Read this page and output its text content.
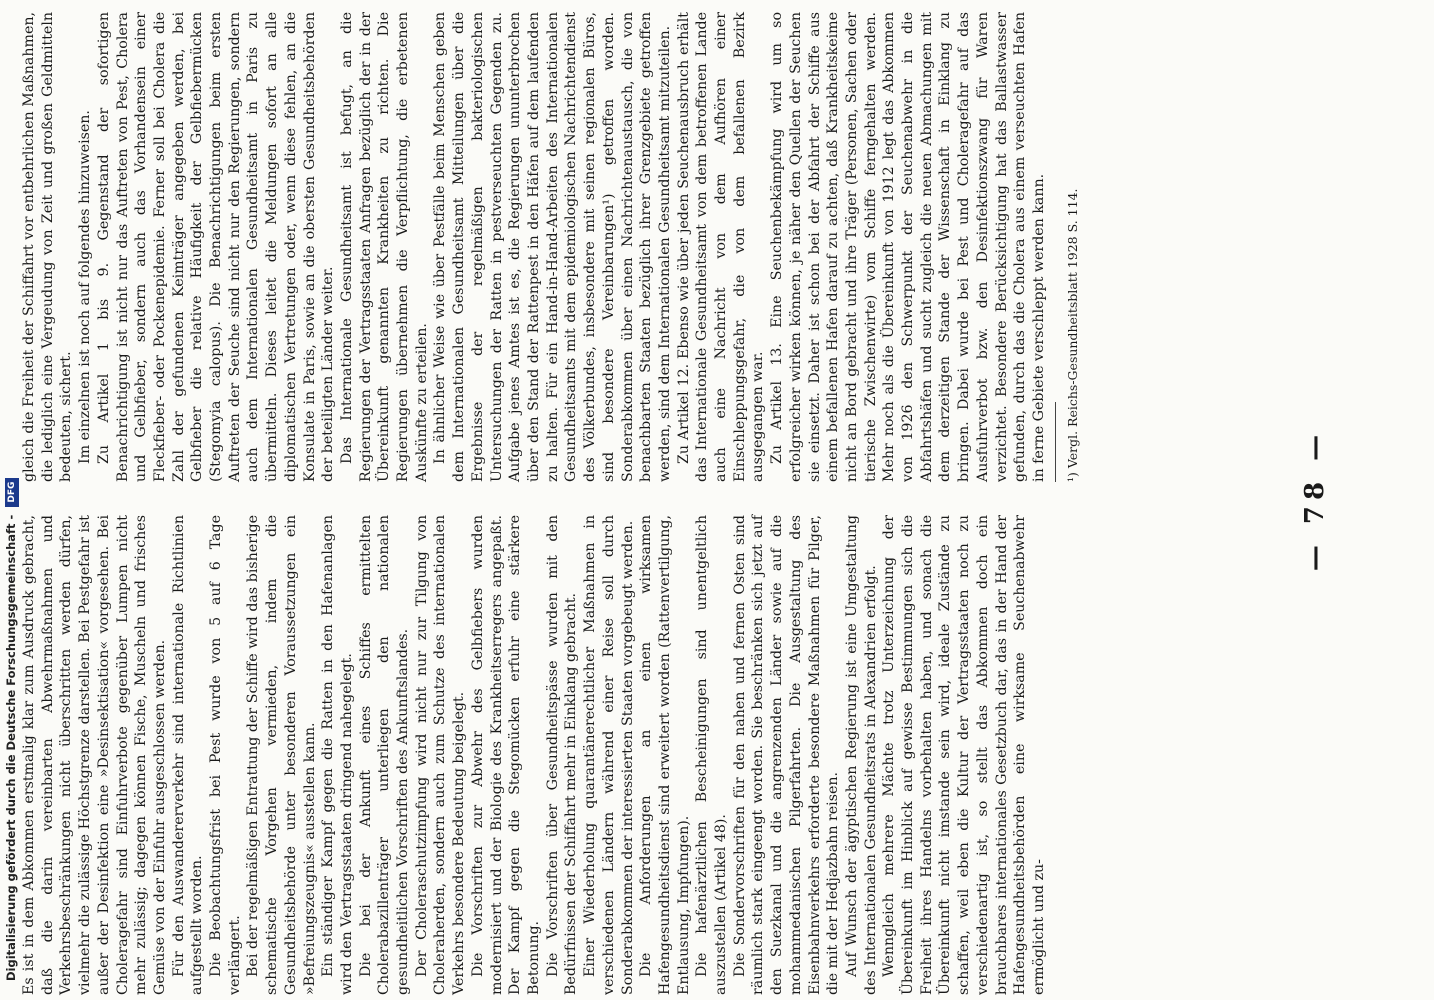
— 78 —

Es ist in dem Abkommen erstmalig klar zum Ausdruck gebracht, daß die darin vereinbarten Abwehrmaßnahmen und Verkehrsbeschränkungen nicht überschritten werden dürfen, vielmehr die zulässige Höchstgrenze darstellen. Bei Pestgefahr ist außer der Desinfektion eine »Desinsektisation« vorgesehen. Bei Choleragefahr sind Einfuhrverbote gegenüber Lumpen nicht mehr zulässig; dagegen können Fische, Muscheln und frisches Gemüse von der Einfuhr ausgeschlossen werden. Für den Auswandererverkehr sind internationale Richtlinien aufgestellt worden. Die Beobachtungsfrist bei Pest wurde von 5 auf 6 Tage verlängert. Bei der regelmäßigen Entrattung der Schiffe wird das bisherige schematische Vorgehen vermieden, indem die Gesundheitsbehörde unter besonderen Voraussetzungen ein »Befreiungszeugnis« ausstellen kann. Ein ständiger Kampf gegen die Ratten in den Hafenanlagen wird den Vertragsstaaten dringend nahegelegt. Die bei der Ankunft eines Schiffes ermittelten Cholerabazillenträger unterliegen den nationalen gesundheitlichen Vorschriften des Ankunftslandes. Der Choleraschutzimpfung wird nicht nur zur Tilgung von Choleraherden, sondern auch zum Schutze des internationalen Verkehrs besondere Bedeutung beigelegt. Die Vorschriften zur Abwehr des Gelbfiebers wurden modernisiert und der Biologie des Krankheitserregers angepaßt. Der Kampf gegen die Stegomücken erfuhr eine stärkere Betonung. Die Vorschriften über Gesundheitspässe wurden mit den Bedürfnissen der Schiffahrt mehr in Einklang gebracht. Einer Wiederholung quarantänerechtlicher Maßnahmen in verschiedenen Ländern während einer Reise soll durch Sonderabkommen der interessierten Staaten vorgebeugt werden. Die Anforderungen an einen wirksamen Hafengesundheitsdienst sind erweitert worden (Rattenvertilgung, Entlausung, Impfungen). Die hafenärztlichen Bescheinigungen sind unentgeltlich auszustellen (Artikel 48). Die Sondervorschriften für den nahen und fernen Osten sind räumlich stark eingeengt worden. Sie beschränken sich jetzt auf den Suezkanal und die angrenzenden Länder sowie auf die mohammedanischen Pilgerfahrten. Die Ausgestaltung des Eisenbahnverkehrs erforderte besondere Maßnahmen für Pilger, die mit der Hedjazbahn reisen. Auf Wunsch der ägyptischen Regierung ist eine Umgestaltung des Internationalen Gesundheitsrats in Alexandrien erfolgt. Wenngleich mehrere Mächte trotz Unterzeichnung der Übereinkunft im Hinblick auf gewisse Bestimmungen sich die Freiheit ihres Handelns vorbehalten haben, und sonach die Übereinkunft nicht imstande sein wird, ideale Zustände zu schaffen, weil eben die Kultur der Vertragsstaaten noch zu verschiedenartig ist, so stellt das Abkommen doch ein brauchbares internationales Gesetzbuch dar, das in der Hand der Hafengesundheitsbehörden eine wirksame Seuchenabwehr ermöglicht und zu-

gleich die Freiheit der Schiffahrt vor entbehrlichen Maßnahmen, die lediglich eine Vergeudung von Zeit und großen Geldmitteln bedeuten, sichert. Im einzelnen ist noch auf folgendes hinzuweisen. Zu Artikel 1 bis 9. Gegenstand der sofortigen Benachrichtigung ist nicht nur das Auftreten von Pest, Cholera und Gelbfieber, sondern auch das Vorhandensein einer Fleckfieber- oder Pockenepidemie. Ferner soll bei Cholera die Zahl der gefundenen Keimträger angegeben werden, bei Gelbfieber die relative Häufigkeit der Gelbfiebermücken (Stegomyia calopus). Die Benachrichtigungen beim ersten Auftreten der Seuche sind nicht nur den Regierungen, sondern auch dem Internationalen Gesundheitsamt in Paris zu übermitteln. Dieses leitet die Meldungen sofort an alle diplomatischen Vertretungen oder, wenn diese fehlen, an die Konsulate in Paris, sowie an die obersten Gesundheitsbehörden der beteiligten Länder weiter. Das Internationale Gesundheitsamt ist befugt, an die Regierungen der Vertragsstaaten Anfragen bezüglich der in der Übereinkunft genannten Krankheiten zu richten. Die Regierungen übernehmen die Verpflichtung, die erbetenen Auskünfte zu erteilen. In ähnlicher Weise wie über Pestfälle beim Menschen geben dem Internationalen Gesundheitsamt Mitteilungen über die Ergebnisse der regelmäßigen bakteriologischen Untersuchungen der Ratten in pestverseuchten Gegenden zu. Aufgabe jenes Amtes ist es, die Regierungen ununterbrochen über den Stand der Rattenpest in den Häfen auf dem laufenden zu halten. Für ein Hand-in-Hand-Arbeiten des Internationalen Gesundheitsamts mit dem epidemiologischen Nachrichtendienst des Völkerbundes, insbesondere mit seinen regionalen Büros, sind besondere Vereinbarungen¹) getroffen worden. Sonderabkommen über einen Nachrichtenaustausch, die von benachbarten Staaten bezüglich ihrer Grenzgebiete getroffen werden, sind dem Internationalen Gesundheitsamt mitzuteilen. Zu Artikel 12. Ebenso wie über jeden Seuchenausbruch erhält das Internationale Gesundheitsamt von dem betroffenen Lande auch eine Nachricht von dem Aufhören einer Einschleppungsgefahr, die von dem befallenen Bezirk ausgegangen war. Zu Artikel 13. Eine Seuchenbekämpfung wird um so erfolgreicher wirken können, je näher den Quellen der Seuchen sie einsetzt. Daher ist schon bei der Abfahrt der Schiffe aus einem befallenen Hafen darauf zu achten, daß Krankheitskeime nicht an Bord gebracht und ihre Träger (Personen, Sachen oder tierische Zwischenwirte) vom Schiffe ferngehalten werden. Mehr noch als die Übereinkunft von 1912 legt das Abkommen von 1926 den Schwerpunkt der Seuchenabwehr in die Abfahrtshäfen und sucht zugleich die neuen Abmachungen mit dem derzeitigen Stande der Wissenschaft in Einklang zu bringen. Dabei wurde bei Pest und Choleragefahr auf das Ausfuhrverbot bzw. den Desinfektionszwang für Waren verzichtet. Besondere Berücksichtigung hat das Ballastwasser gefunden, durch das die Cholera aus einem verseuchten Hafen in ferne Gebiete verschleppt werden kann. ¹) Vergl. Reichs-Gesundheitsblatt 1928 S. 114.

Digitalisierung gefördert durch die Deutsche Forschungsgemeinschaft - DFG
